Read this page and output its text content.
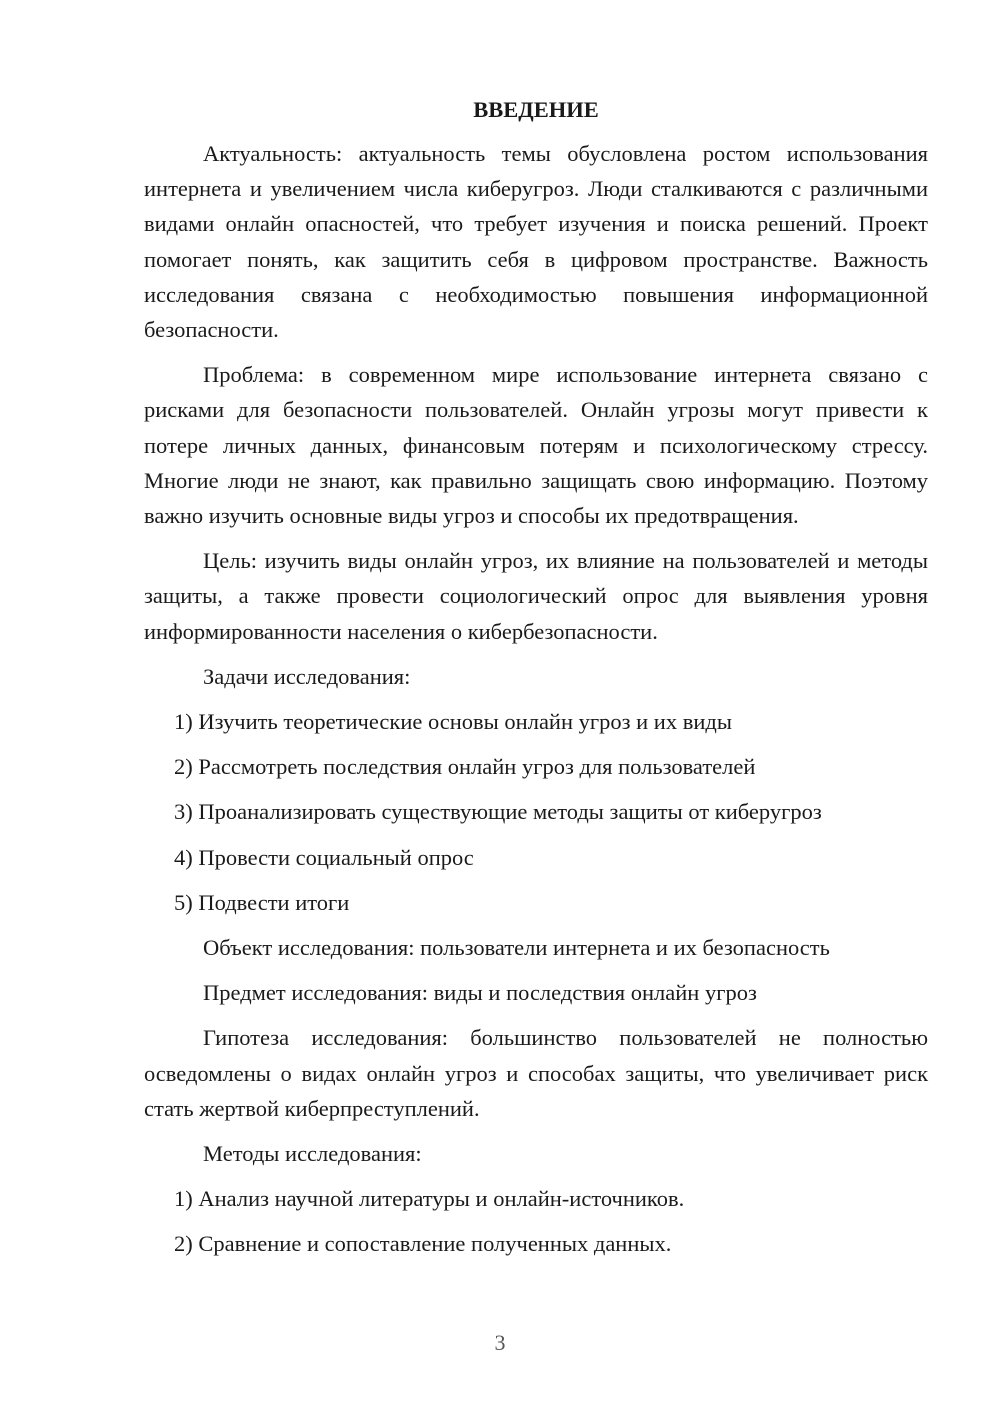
ВВЕДЕНИЕ

Актуальность: актуальность темы обусловлена ростом использования интернета и увеличением числа киберугроз. Люди сталкиваются с различными видами онлайн опасностей, что требует изучения и поиска решений. Проект помогает понять, как защитить себя в цифровом пространстве. Важность исследования связана с необходимостью повышения информационной безопасности.

Проблема: в современном мире использование интернета связано с рисками для безопасности пользователей. Онлайн угрозы могут привести к потере личных данных, финансовым потерям и психологическому стрессу. Многие люди не знают, как правильно защищать свою информацию. Поэтому важно изучить основные виды угроз и способы их предотвращения.

Цель: изучить виды онлайн угроз, их влияние на пользователей и методы защиты, а также провести социологический опрос для выявления уровня информированности населения о кибербезопасности.

Задачи исследования:
1) Изучить теоретические основы онлайн угроз и их виды
2) Рассмотреть последствия онлайн угроз для пользователей
3) Проанализировать существующие методы защиты от киберугроз
4) Провести социальный опрос
5) Подвести итоги
Объект исследования: пользователи интернета и их безопасность
Предмет исследования: виды и последствия онлайн угроз

Гипотеза исследования: большинство пользователей не полностью осведомлены о видах онлайн угроз и способах защиты, что увеличивает риск стать жертвой киберпреступлений.

Методы исследования:
1) Анализ научной литературы и онлайн-источников.
2) Сравнение и сопоставление полученных данных.
3
